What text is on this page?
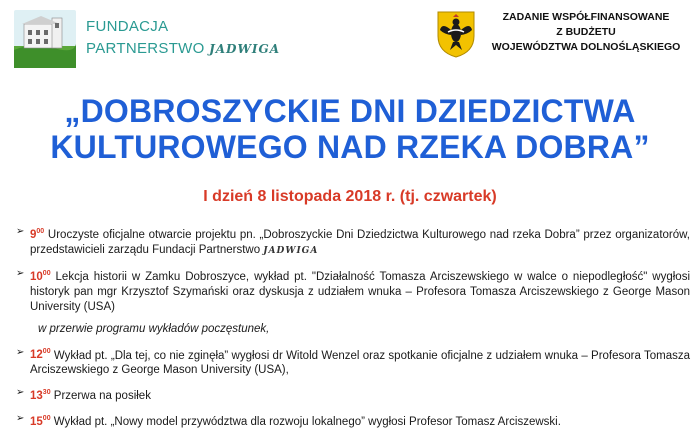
FUNDACJA
PARTNERSTWO JADWIGA
ZADANIE WSPÓŁFINANSOWANE
Z BUDŻETU
WOJEWÓDZTWA DOLNOŚLĄSKIEGO
„DOBROSZYCKIE DNI DZIEDZICTWA
KULTUROWEGO NAD RZEKA DOBRA”
I dzień 8 listopada 2018 r. (tj. czwartek)
➢ $9^{00}$ Uroczyste oficjalne otwarcie projektu pn. „Dobroszyckie Dni Dziedzictwa Kulturowego nad rzeka Dobra” przez organizatorów, przedstawicieli zarządu Fundacji Partnerstwo JADWIGA
➢ $10^{00}$ Lekcja historii w Zamku Dobroszyce, wykład pt. "Działalność Tomasza Arciszewskiego w walce o niepodległość" wygłosi historyk pan mgr Krzysztof Szymański oraz dyskusja z udziałem wnuka – Profesora Tomasza Arciszewskiego z George Mason University (USA)
w przerwie programu wykładów poczęstunek,
➢ $12^{00}$ Wykład pt. „Dla tej, co nie zginęła” wygłosi dr Witold Wenzel oraz spotkanie oficjalne z udziałem wnuka – Profesora Tomasza Arciszewskiego z George Mason University (USA),
➢ $13^{30}$ Przerwa na posiłek
➢ $15^{00}$ Wykład pt. „Nowy model przywództwa dla rozwoju lokalnego” wygłosi Profesor Tomasz Arciszewski.
